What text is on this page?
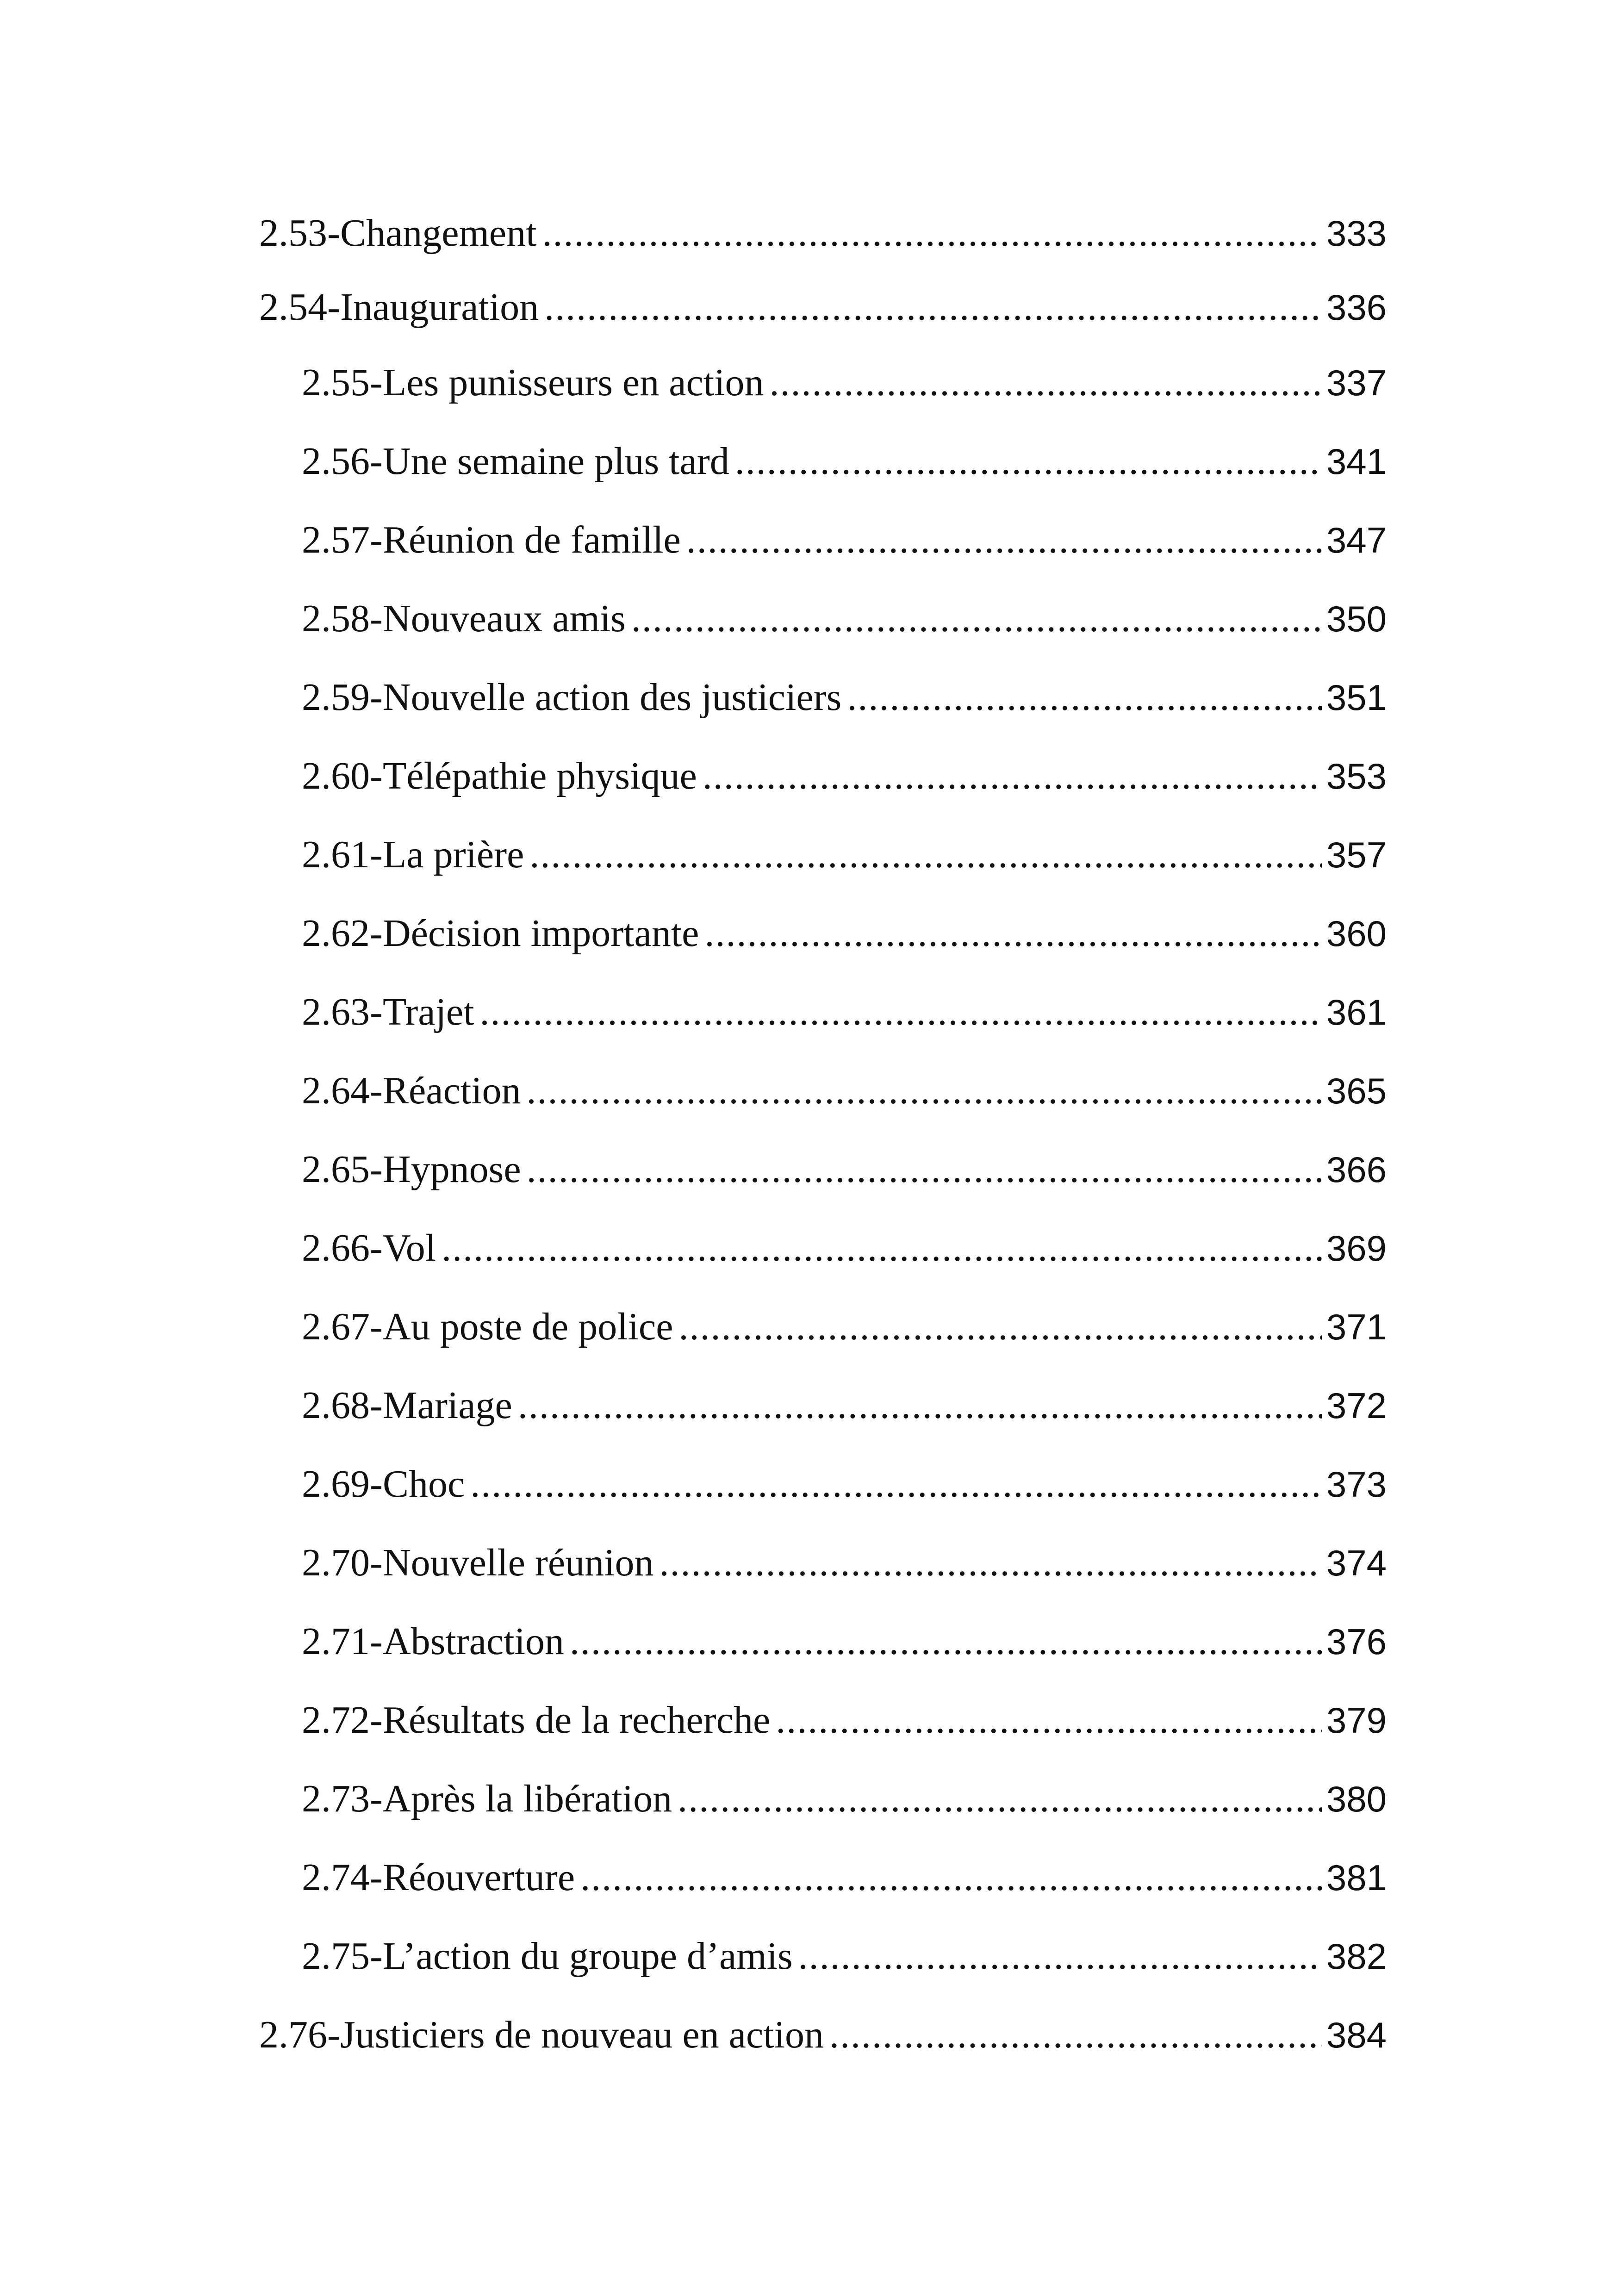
2.53-Changement .....	333
2.54-Inauguration .....	336
2.55-Les punisseurs en action .....	337
2.56-Une semaine plus tard .....	341
2.57-Réunion de famille .....	347
2.58-Nouveaux amis .....	350
2.59-Nouvelle action des justiciers .....	351
2.60-Télépathie physique .....	353
2.61-La prière .....	357
2.62-Décision importante .....	360
2.63-Trajet .....	361
2.64-Réaction .....	365
2.65-Hypnose .....	366
2.66-Vol .....	369
2.67-Au poste de police .....	371
2.68-Mariage .....	372
2.69-Choc .....	373
2.70-Nouvelle réunion .....	374
2.71-Abstraction .....	376
2.72-Résultats de la recherche .....	379
2.73-Après la libération .....	380
2.74-Réouverture .....	381
2.75-L’action du groupe d’amis .....	382
2.76-Justiciers de nouveau en action .....	384
